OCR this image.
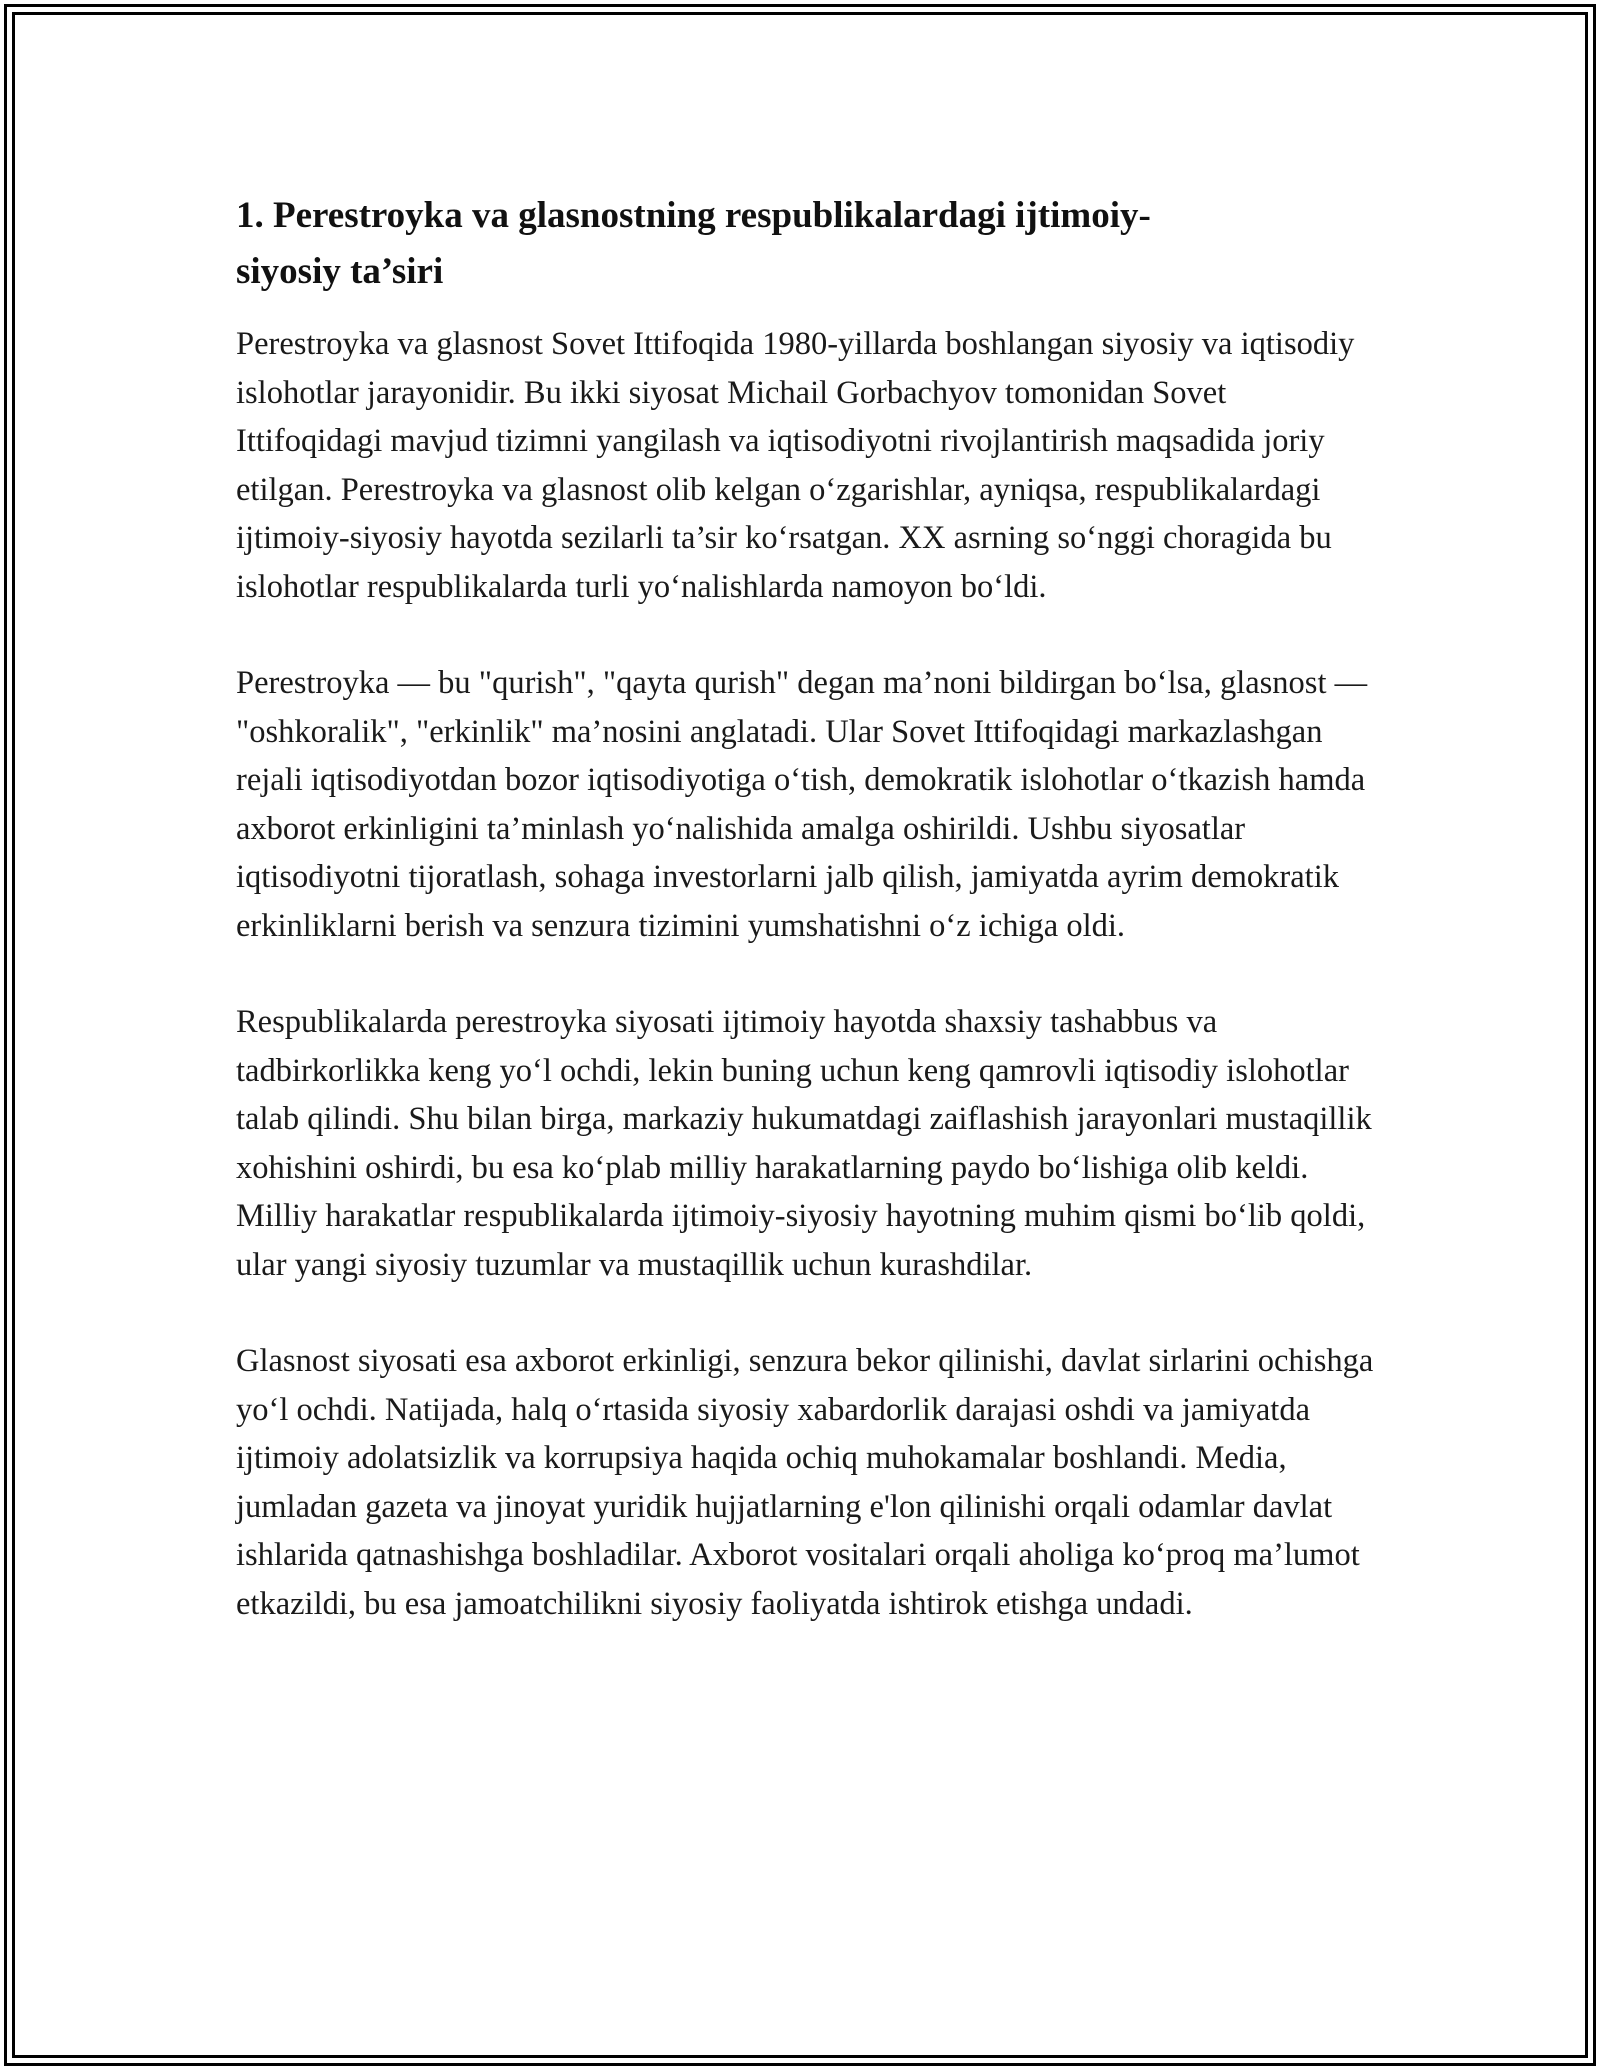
1. Perestroyka va glasnostning respublikalardagi ijtimoiy-
siyosiy ta’siri

Perestroyka va glasnost Sovet Ittifoqida 1980-yillarda boshlangan siyosiy va iqtisodiy islohotlar jarayonidir. Bu ikki siyosat Michail Gorbachyov tomonidan Sovet Ittifoqidagi mavjud tizimni yangilash va iqtisodiyotni rivojlantirish maqsadida joriy etilgan. Perestroyka va glasnost olib kelgan o‘zgarishlar, ayniqsa, respublikalardagi ijtimoiy-siyosiy hayotda sezilarli ta’sir ko‘rsatgan. XX asrning so‘nggi choragida bu islohotlar respublikalarda turli yo‘nalishlarda namoyon bo‘ldi.

Perestroyka — bu "qurish", "qayta qurish" degan ma’noni bildirgan bo‘lsa, glasnost — "oshkoralik", "erkinlik" ma’nosini anglatadi. Ular Sovet Ittifoqidagi markazlashgan rejali iqtisodiyotdan bozor iqtisodiyotiga o‘tish, demokratik islohotlar o‘tkazish hamda axborot erkinligini ta’minlash yo‘nalishida amalga oshirildi. Ushbu siyosatlar iqtisodiyotni tijoratlash, sohaga investorlarni jalb qilish, jamiyatda ayrim demokratik erkinliklarni berish va senzura tizimini yumshatishni o‘z ichiga oldi.

Respublikalarda perestroyka siyosati ijtimoiy hayotda shaxsiy tashabbus va tadbirkorlikka keng yo‘l ochdi, lekin buning uchun keng qamrovli iqtisodiy islohotlar talab qilindi. Shu bilan birga, markaziy hukumatdagi zaiflashish jarayonlari mustaqillik xohishini oshirdi, bu esa ko‘plab milliy harakatlarning paydo bo‘lishiga olib keldi. Milliy harakatlar respublikalarda ijtimoiy-siyosiy hayotning muhim qismi bo‘lib qoldi, ular yangi siyosiy tuzumlar va mustaqillik uchun kurashdilar.

Glasnost siyosati esa axborot erkinligi, senzura bekor qilinishi, davlat sirlarini ochishga yo‘l ochdi. Natijada, halq o‘rtasida siyosiy xabardorlik darajasi oshdi va jamiyatda ijtimoiy adolatsizlik va korrupsiya haqida ochiq muhokamalar boshlandi. Media, jumladan gazeta va jinoyat yuridik hujjatlarning e'lon qilinishi orqali odamlar davlat ishlarida qatnashishga boshladilar. Axborot vositalari orqali aholiga ko‘proq ma’lumot etkazildi, bu esa jamoatchilikni siyosiy faoliyatda ishtirok etishga undadi.
